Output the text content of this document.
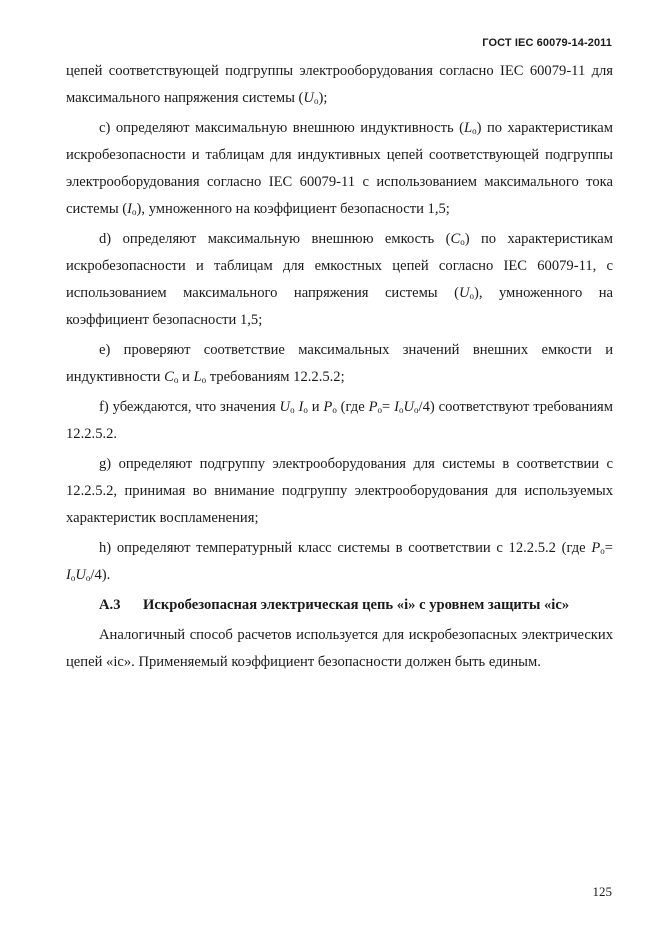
ГОСТ IEC 60079-14-2011

цепей соответствующей подгруппы электрооборудования согласно IEC 60079-11 для максимального напряжения системы $(U_o)$;

c) определяют максимальную внешнюю индуктивность $(L_o)$ по характеристикам искробезопасности и таблицам для индуктивных цепей соответствующей подгруппы электрооборудования согласно IEC 60079-11 с использованием максимального тока системы $(I_o)$, умноженного на коэффициент безопасности 1,5;

d) определяют максимальную внешнюю емкость $(C_o)$ по характеристикам искробезопасности и таблицам для емкостных цепей согласно IEC 60079-11, с использованием максимального напряжения системы $(U_o)$, умноженного на коэффициент безопасности 1,5;

e) проверяют соответствие максимальных значений внешних емкости и индуктивности $C_o$ и $L_o$ требованиям 12.2.5.2;

f) убеждаются, что значения $U_o$ $I_o$ и $P_o$ (где $P_o= I_oU_o/4$) соответствуют требованиям 12.2.5.2.

g) определяют подгруппу электрооборудования для системы в соответствии с 12.2.5.2, принимая во внимание подгруппу электрооборудования для используемых характеристик воспламенения;

h) определяют температурный класс системы в соответствии с 12.2.5.2 (где $P_o= I_oU_o/4$).

A.3 Искробезопасная электрическая цепь «i» с уровнем защиты «ic»

Аналогичный способ расчетов используется для искробезопасных электрических цепей «ic». Применяемый коэффициент безопасности должен быть единым.

125
